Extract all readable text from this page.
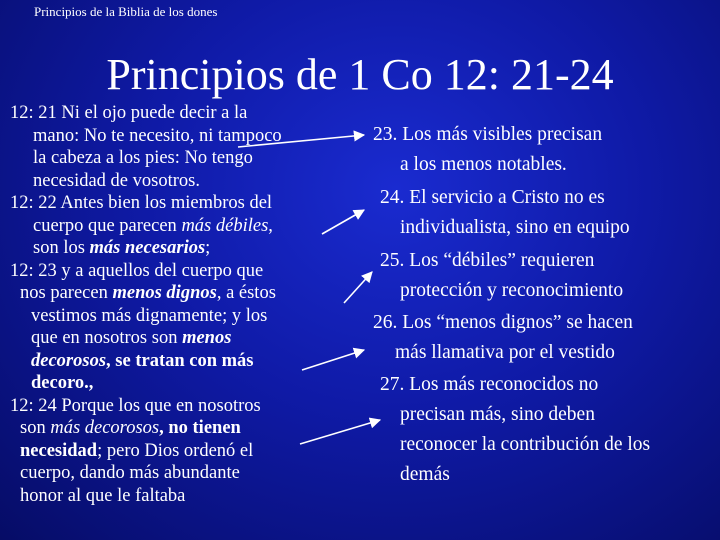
Principios de la Biblia de los dones
Principios de 1 Co 12: 21-24
12: 21 Ni el ojo puede decir a la
mano: No te necesito, ni tampoco
la cabeza a los pies: No tengo
necesidad de vosotros.
12: 22 Antes bien los miembros del
cuerpo que parecen más débiles,
son los más necesarios;
12: 23 y a aquellos del cuerpo que
nos parecen menos dignos, a éstos
vestimos más dignamente; y los
que en nosotros son menos
decorosos, se tratan con más
decoro.,
12: 24 Porque los que en nosotros
son más decorosos, no tienen
necesidad; pero Dios ordenó el
cuerpo, dando más abundante
honor al que le faltaba
23. Los más visibles precisan
a los menos notables.
24. El servicio a Cristo no es
individualista, sino en equipo
25. Los “débiles” requieren
protección y reconocimiento
26. Los “menos dignos” se hacen
más llamativa por el vestido
27. Los más reconocidos no
precisan más, sino deben
reconocer la contribución de los
demás
